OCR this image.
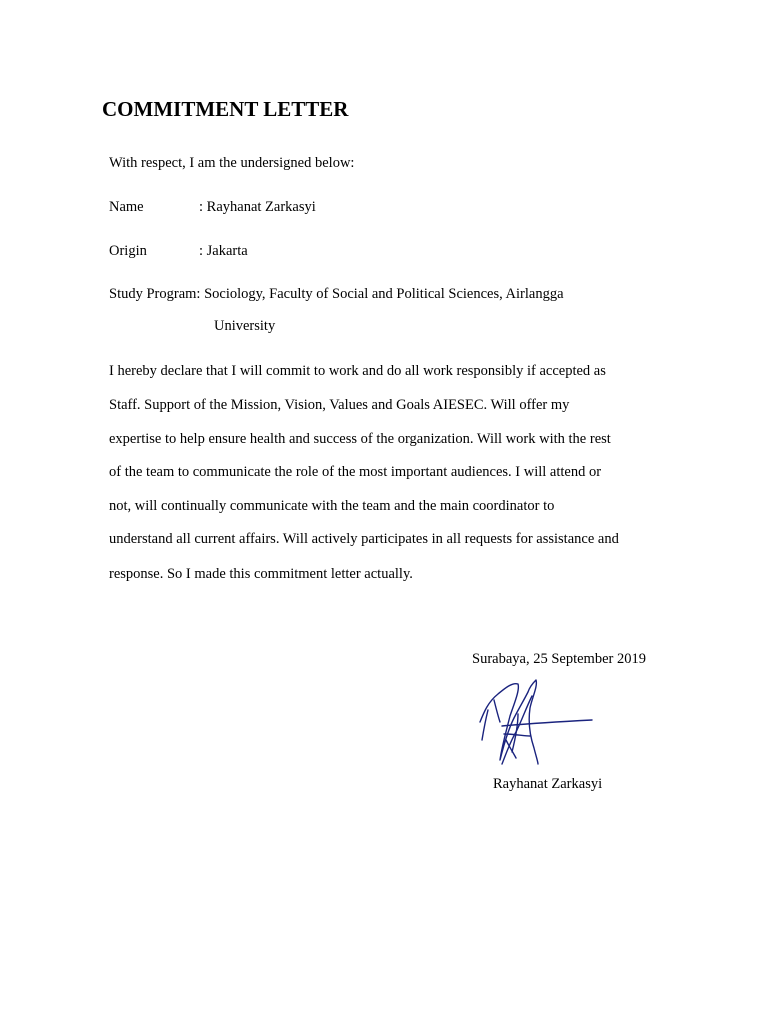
COMMITMENT LETTER
With respect, I am the undersigned below:
Name	: Rayhanat Zarkasyi
Origin	: Jakarta
Study Program: Sociology, Faculty of Social and Political Sciences, Airlangga
University
I hereby declare that I will commit to work and do all work responsibly if accepted as
Staff. Support of the Mission, Vision, Values and Goals AIESEC. Will offer my
expertise to help ensure health and success of the organization. Will work with the rest
of the team to communicate the role of the most important audiences. I will attend or
not, will continually communicate with the team and the main coordinator to
understand all current affairs. Will actively participates in all requests for assistance and
response. So I made this commitment letter actually.
Surabaya, 25 September 2019
Rayhanat Zarkasyi
